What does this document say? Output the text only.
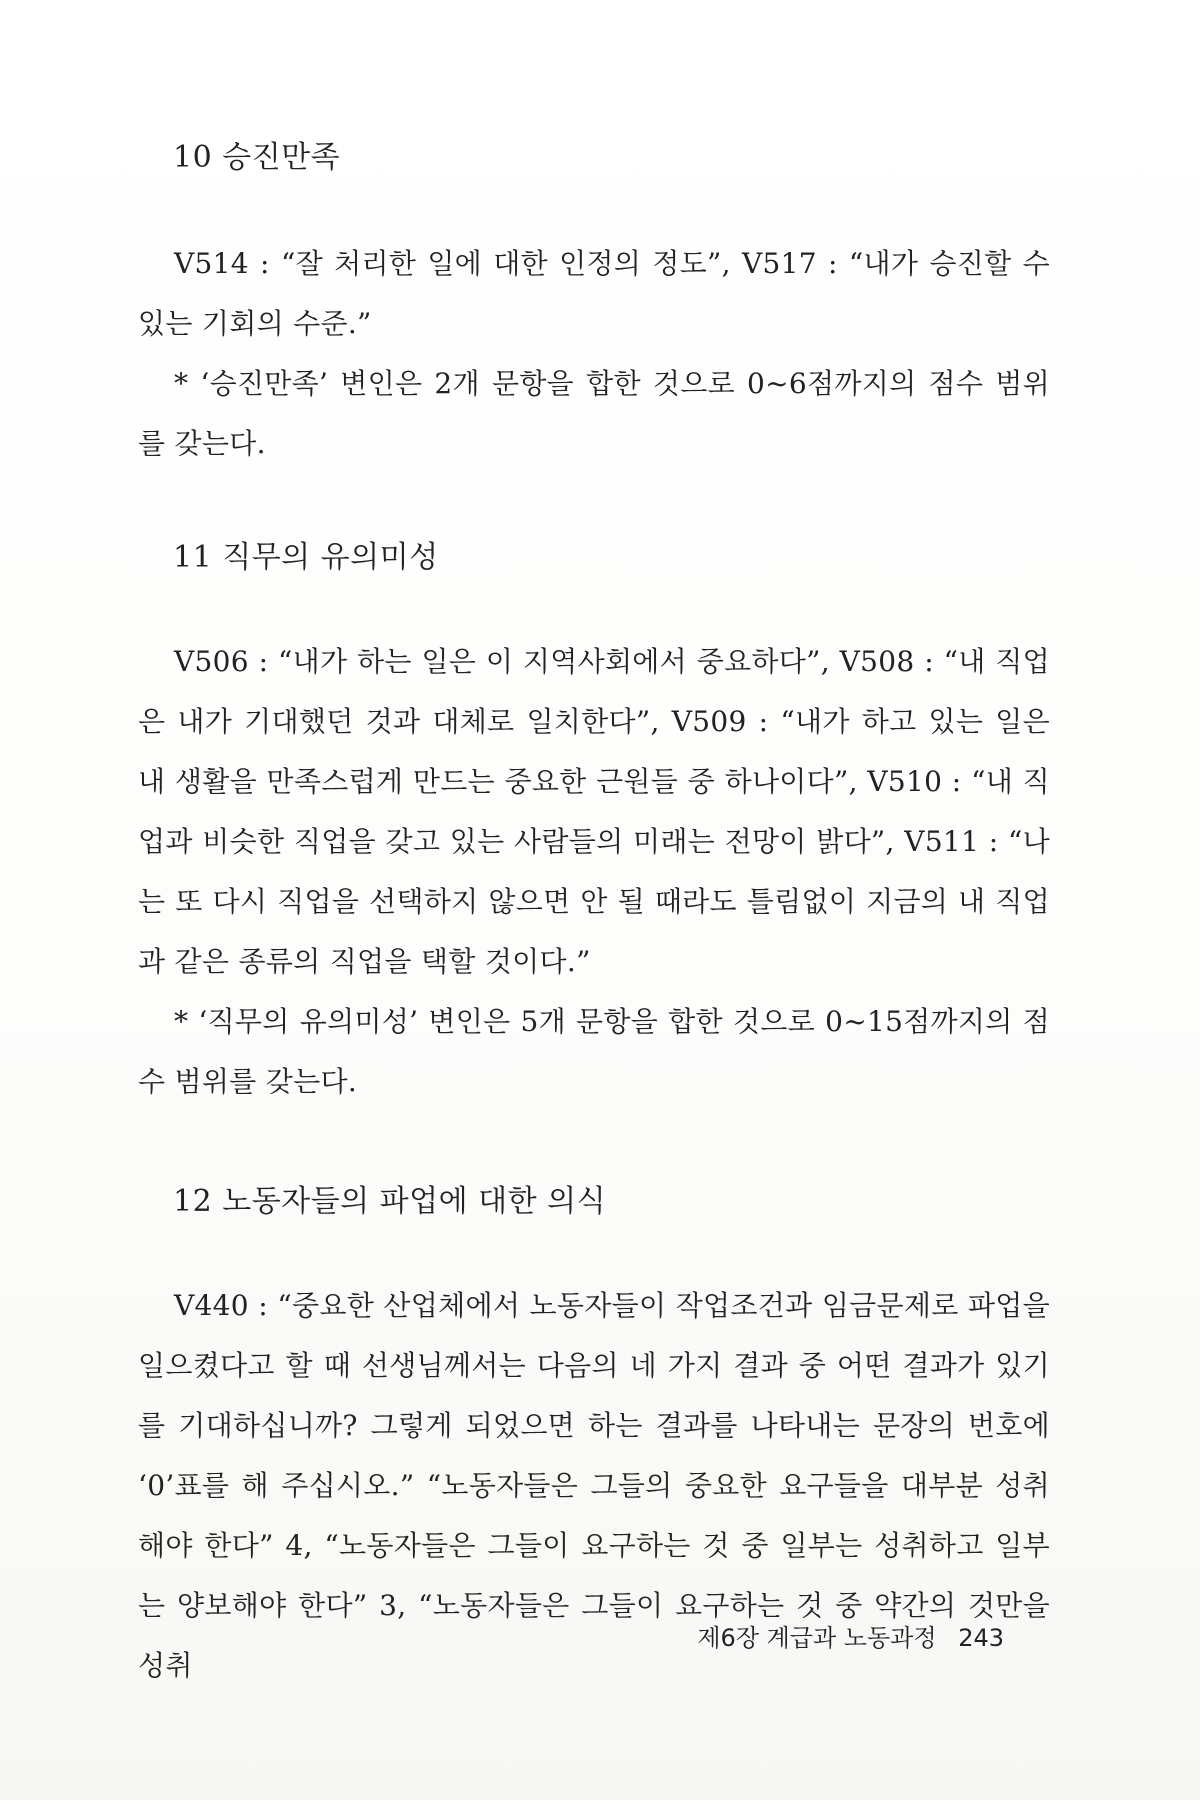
10 승진만족

V514 : “잘 처리한 일에 대한 인정의 정도”, V517 : “내가 승진할 수 있는 기회의 수준.”

* ‘승진만족’ 변인은 2개 문항을 합한 것으로 0~6점까지의 점수 범위를 갖는다.

11 직무의 유의미성

V506 : “내가 하는 일은 이 지역사회에서 중요하다”, V508 : “내 직업은 내가 기대했던 것과 대체로 일치한다”, V509 : “내가 하고 있는 일은 내 생활을 만족스럽게 만드는 중요한 근원들 중 하나이다”, V510 : “내 직업과 비슷한 직업을 갖고 있는 사람들의 미래는 전망이 밝다”, V511 : “나는 또 다시 직업을 선택하지 않으면 안 될 때라도 틀림없이 지금의 내 직업과 같은 종류의 직업을 택할 것이다.”

* ‘직무의 유의미성’ 변인은 5개 문항을 합한 것으로 0~15점까지의 점수 범위를 갖는다.

12 노동자들의 파업에 대한 의식

V440 : “중요한 산업체에서 노동자들이 작업조건과 임금문제로 파업을 일으켰다고 할 때 선생님께서는 다음의 네 가지 결과 중 어떤 결과가 있기를 기대하십니까? 그렇게 되었으면 하는 결과를 나타내는 문장의 번호에 ‘0’표를 해 주십시오.” “노동자들은 그들의 중요한 요구들을 대부분 성취해야 한다” 4, “노동자들은 그들이 요구하는 것 중 일부는 성취하고 일부는 양보해야 한다” 3, “노동자들은 그들이 요구하는 것 중 약간의 것만을 성취

제6장 계급과 노동과정 243
